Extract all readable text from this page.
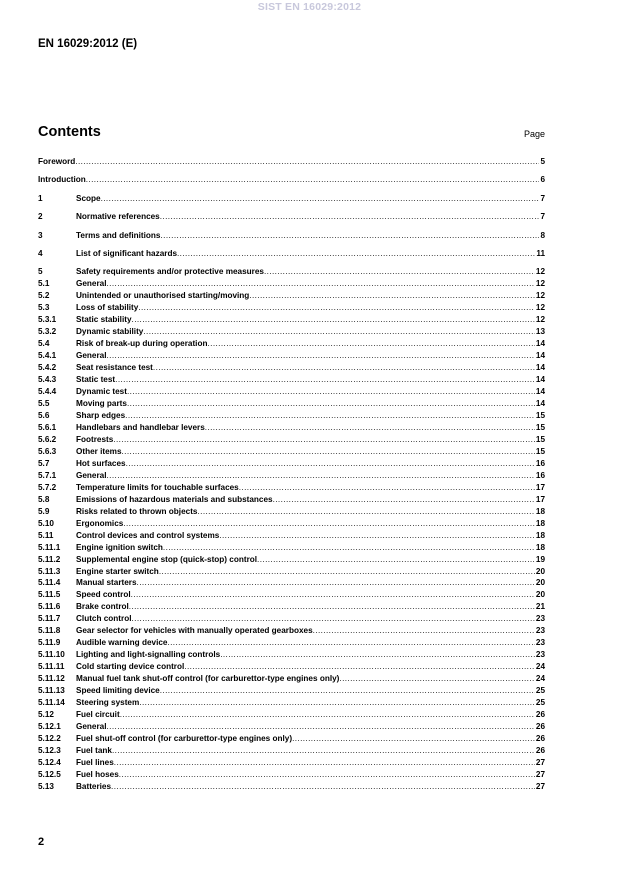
SIST EN 16029:2012
EN 16029:2012 (E)
Contents	Page
Foreword .....	5
Introduction .....	6
1	Scope .....	7
2	Normative references .....	7
3	Terms and definitions .....	8
4	List of significant hazards .....	11
5	Safety requirements and/or protective measures .....	12
5.1	General .....	12
5.2	Unintended or unauthorised starting/moving .....	12
5.3	Loss of stability .....	12
5.3.1	Static stability .....	12
5.3.2	Dynamic stability .....	13
5.4	Risk of break-up during operation .....	14
5.4.1	General .....	14
5.4.2	Seat resistance test .....	14
5.4.3	Static test .....	14
5.4.4	Dynamic test .....	14
5.5	Moving parts .....	14
5.6	Sharp edges .....	15
5.6.1	Handlebars and handlebar levers .....	15
5.6.2	Footrests .....	15
5.6.3	Other items .....	15
5.7	Hot surfaces .....	16
5.7.1	General .....	16
5.7.2	Temperature limits for touchable surfaces .....	17
5.8	Emissions of hazardous materials and substances .....	17
5.9	Risks related to thrown objects .....	18
5.10	Ergonomics .....	18
5.11	Control devices and control systems .....	18
5.11.1	Engine ignition switch .....	18
5.11.2	Supplemental engine stop (quick-stop) control .....	19
5.11.3	Engine starter switch .....	20
5.11.4	Manual starters .....	20
5.11.5	Speed control .....	20
5.11.6	Brake control .....	21
5.11.7	Clutch control .....	23
5.11.8	Gear selector for vehicles with manually operated gearboxes .....	23
5.11.9	Audible warning device .....	23
5.11.10	Lighting and light-signalling controls .....	23
5.11.11	Cold starting device control .....	24
5.11.12	Manual fuel tank shut-off control (for carburettor-type engines only) .....	24
5.11.13	Speed limiting device .....	25
5.11.14	Steering system .....	25
5.12	Fuel circuit .....	26
5.12.1	General .....	26
5.12.2	Fuel shut-off control (for carburettor-type engines only) .....	26
5.12.3	Fuel tank .....	26
5.12.4	Fuel lines .....	27
5.12.5	Fuel hoses .....	27
5.13	Batteries .....	27
2
